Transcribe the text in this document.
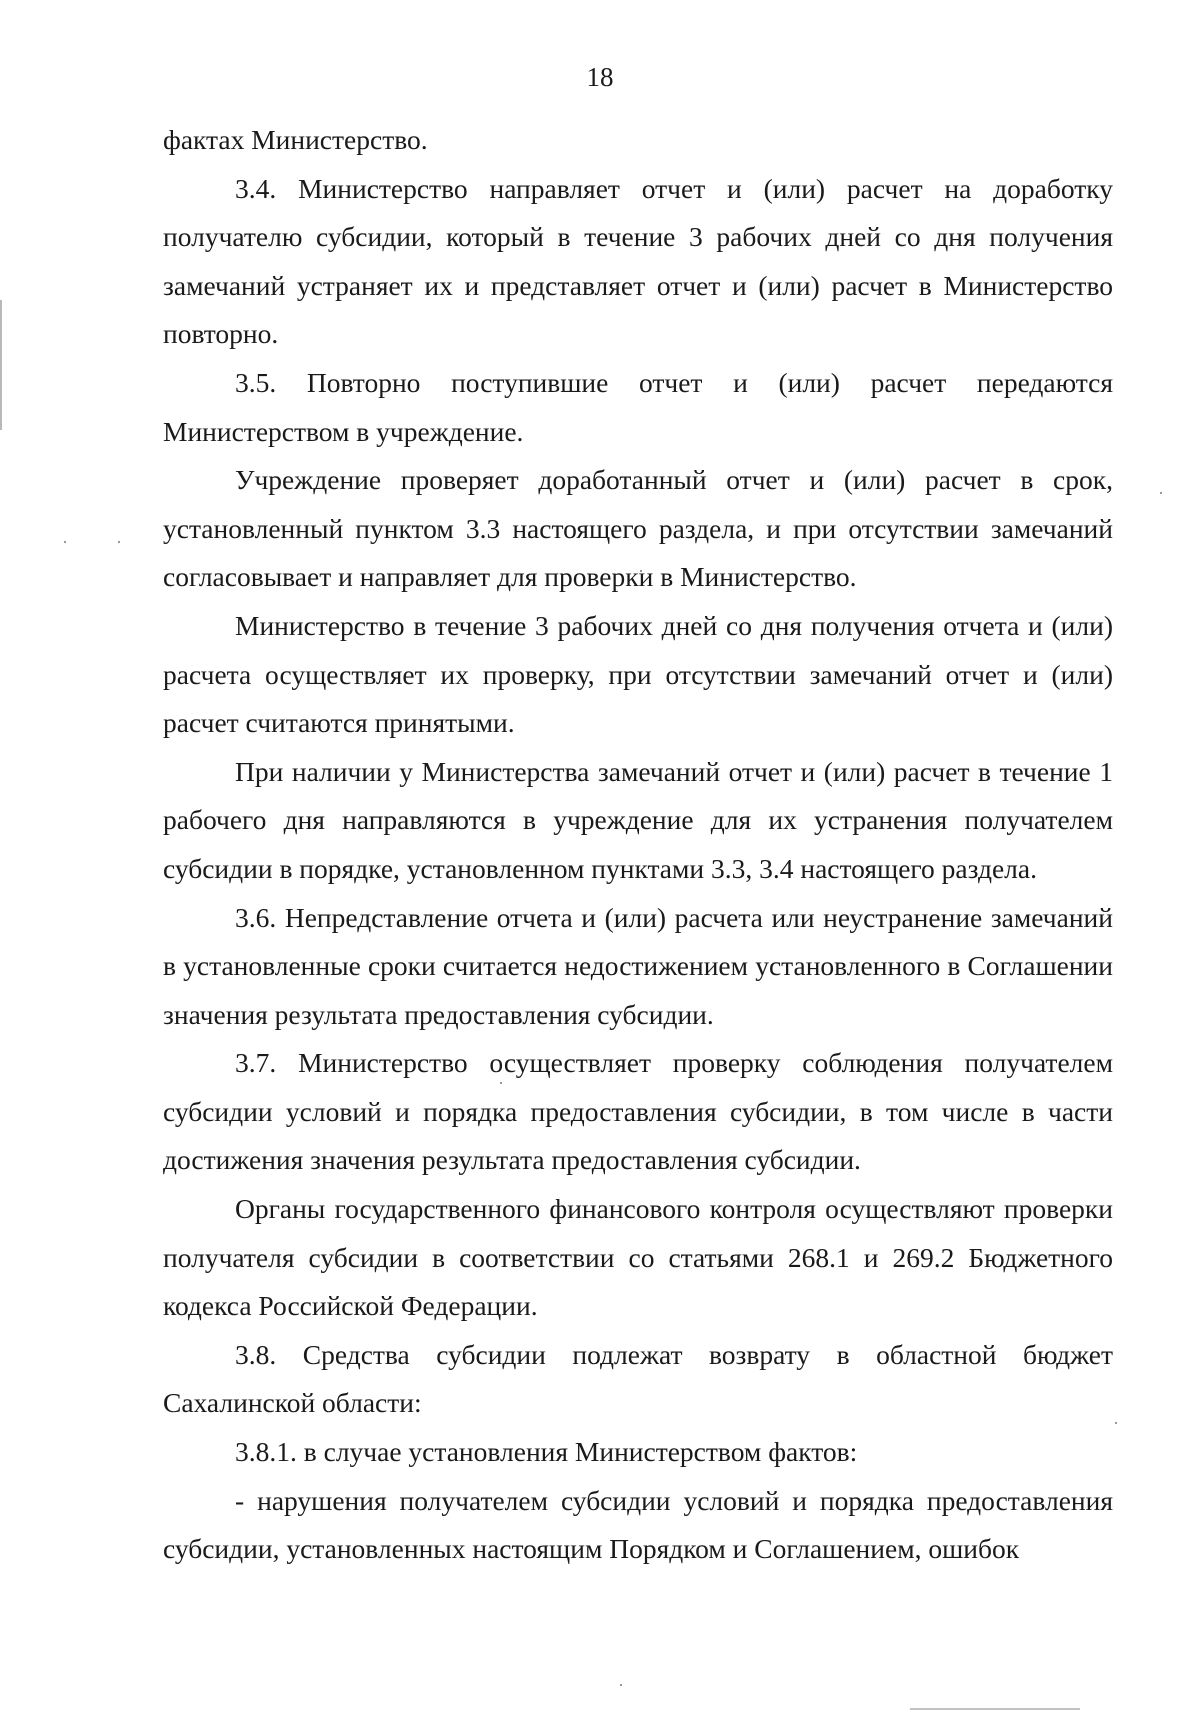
18

фактах Министерство.

3.4. Министерство направляет отчет и (или) расчет на доработку получателю субсидии, который в течение 3 рабочих дней со дня получения замечаний устраняет их и представляет отчет и (или) расчет в Министерство повторно.

3.5. Повторно поступившие отчет и (или) расчет передаются Министерством в учреждение.

Учреждение проверяет доработанный отчет и (или) расчет в срок, установленный пунктом 3.3 настоящего раздела, и при отсутствии замечаний согласовывает и направляет для проверки в Министерство.

Министерство в течение 3 рабочих дней со дня получения отчета и (или) расчета осуществляет их проверку, при отсутствии замечаний отчет и (или) расчет считаются принятыми.

При наличии у Министерства замечаний отчет и (или) расчет в течение 1 рабочего дня направляются в учреждение для их устранения получателем субсидии в порядке, установленном пунктами 3.3, 3.4 настоящего раздела.

3.6. Непредставление отчета и (или) расчета или неустранение замечаний в установленные сроки считается недостижением установленного в Соглашении значения результата предоставления субсидии.

3.7. Министерство осуществляет проверку соблюдения получателем субсидии условий и порядка предоставления субсидии, в том числе в части достижения значения результата предоставления субсидии.

Органы государственного финансового контроля осуществляют проверки получателя субсидии в соответствии со статьями 268.1 и 269.2 Бюджетного кодекса Российской Федерации.

3.8. Средства субсидии подлежат возврату в областной бюджет Сахалинской области:

3.8.1. в случае установления Министерством фактов:

- нарушения получателем субсидии условий и порядка предоставления субсидии, установленных настоящим Порядком и Соглашением, ошибок
